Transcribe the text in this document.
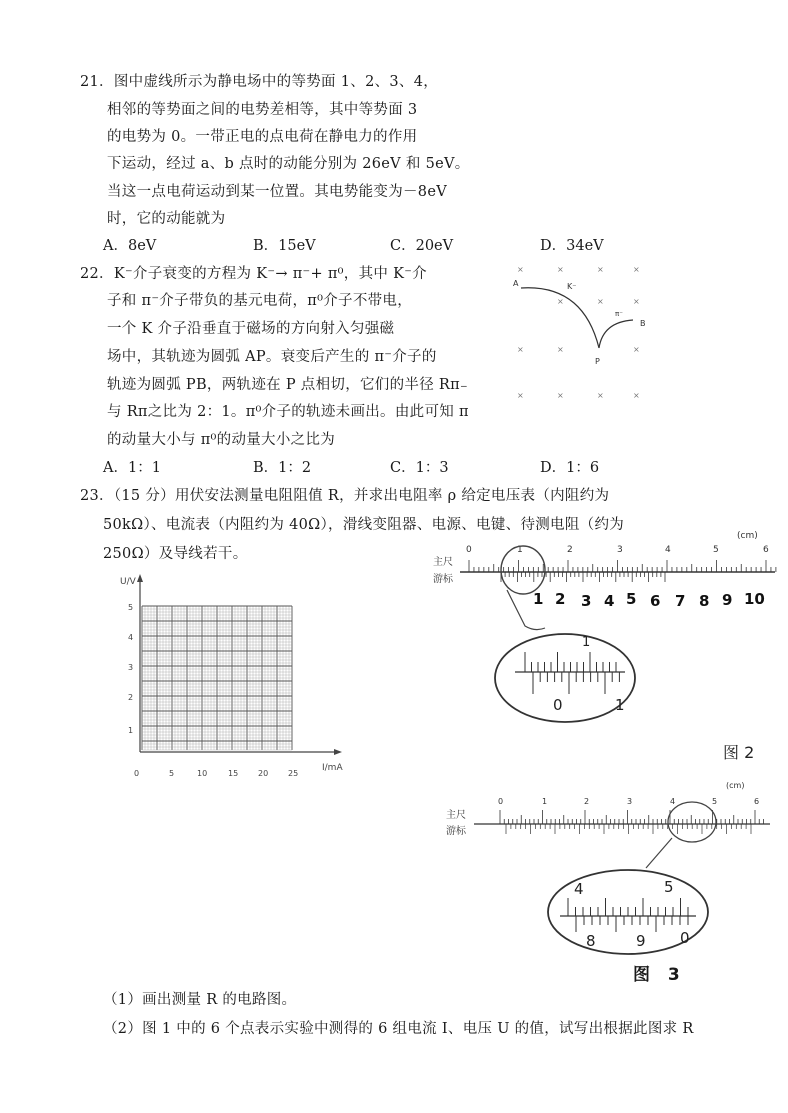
21．图中虚线所示为静电场中的等势面 1、2、3、4，
相邻的等势面之间的电势差相等，其中等势面 3
的电势为 0。一带正电的点电荷在静电力的作用
下运动，经过 a、b 点时的动能分别为 26eV 和 5eV。
当这一点电荷运动到某一位置。其电势能变为－8eV
时，它的动能就为
A．8eV	B．15eV	C．20eV	D．34eV
22．K⁻介子衰变的方程为 K⁻→ π⁻+ π⁰，其中 K⁻介
子和 π⁻介子带负的基元电荷，π⁰介子不带电，
一个 K 介子沿垂直于磁场的方向射入匀强磁
场中，其轨迹为圆弧 AP。衰变后产生的 π⁻介子的
轨迹为圆弧 PB，两轨迹在 P 点相切，它们的半径 Rπ₋
与 Rπ之比为 2：1。π⁰介子的轨迹未画出。由此可知 π
的动量大小与 π⁰的动量大小之比为
A．1：1	B．1：2	C．1：3	D．1：6
×	×	×	×
×	×	×
×	×	×
×	×	×	×
A	K⁻
B
π⁻
P
23．（15 分）用伏安法测量电阻阻值 R，并求出电阻率 ρ 给定电压表（内阻约为
50kΩ）、电流表（内阻约为 40Ω），滑线变阻器、电源、电键、待测电阻（约为
250Ω）及导线若干。
U/V
I/mA
5
4
3
2
1
0	5	10	15 20 25
(cm)
主尺
游标
0	1	2	3	4	5	6
1 2 3 4 5 6 7 8 9 10
1
0	1
图 2
(cm)
主尺
游标
0	1	2	3	4	5	6
4	5
8	9 0
图 3
（1）画出测量 R 的电路图。
（2）图 1 中的 6 个点表示实验中测得的 6 组电流 I、电压 U 的值，试写出根据此图求 R
